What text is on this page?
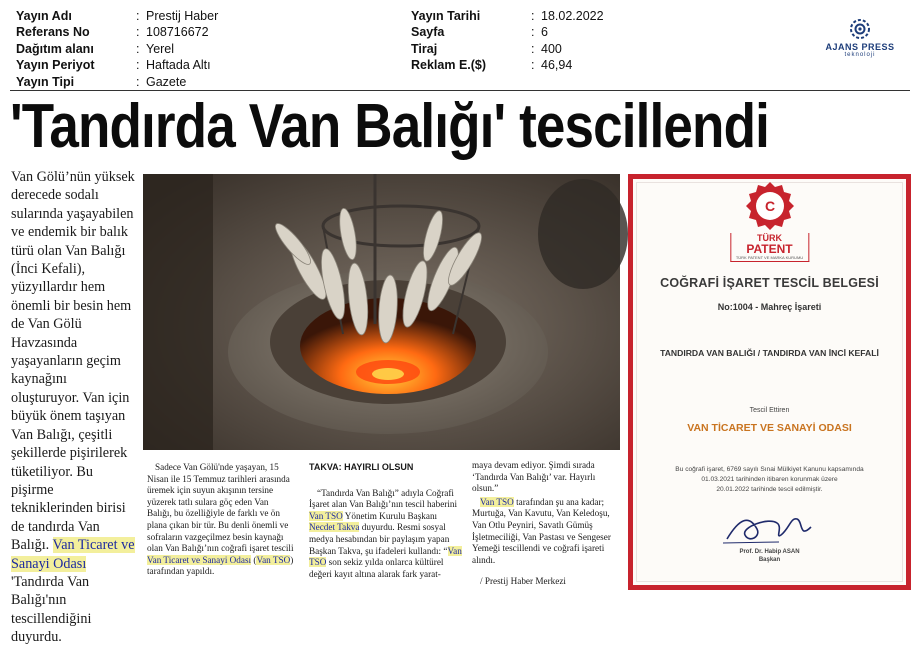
Yayın Adı	: Prestij Haber
Referans No	: 108716672
Dağıtım alanı	: Yerel
Yayın Periyot	: Haftada Altı
Yayın Tipi	: Gazete
Yayın Tarihi	: 18.02.2022
Sayfa	: 6
Tiraj	: 400
Reklam E.($)	: 46,94
AJANS PRESS
teknoloji
'Tandırda Van Balığı' tescillendi
Van Gölü’nün yüksek derecede sodalı sularında yaşayabilen ve endemik bir balık türü olan Van Balığı (İnci Kefali), yüzyıllardır hem önemli bir besin hem de Van Gölü Havzasında yaşayanların geçim kaynağını oluşturuyor. Van için büyük önem taşıyan Van Balığı, çeşitli şekillerde pişirilerek tüketiliyor. Bu pişirme tekniklerinden birisi de tandırda Van Balığı. Van Ticaret ve Sanayi Odası 'Tandırda Van Balığı'nın tescillendiğini duyurdu.
C
TÜRK
PATENT
TÜRK PATENT VE MARKA KURUMU
COĞRAFİ İŞARET TESCİL BELGESİ
No:1004 - Mahreç İşareti
TANDIRDA VAN BALIĞI / TANDIRDA VAN İNCİ KEFALİ
Tescil Ettiren
VAN TİCARET VE SANAYİ ODASI
Bu coğrafi işaret, 6769 sayılı Sınai Mülkiyet Kanunu kapsamında
01.03.2021 tarihinden itibaren korunmak üzere
20.01.2022 tarihinde tescil edilmiştir.
Prof. Dr. Habip ASAN
Başkan
Sadece Van Gölü'nde yaşayan, 15 Nisan ile 15 Temmuz tarihleri arasında üremek için suyun akışının tersine yüzerek tatlı sulara göç eden Van Balığı, bu özelliğiyle de farklı ve ön plana çıkan bir tür. Bu denli önemli ve sofraların vazgeçilmez besin kaynağı olan Van Balığı’nın coğrafi işaret tescili Van Ticaret ve Sanayi Odası (Van TSO) tarafından yapıldı.
TAKVA: HAYIRLI OLSUN
“Tandırda Van Balığı” adıyla Coğrafi İşaret alan Van Balığı’nın tescil haberini Van TSO Yönetim Kurulu Başkanı Necdet Takva duyurdu. Resmi sosyal medya hesabından bir paylaşım yapan Başkan Takva, şu ifadeleri kullandı: “Van TSO son sekiz yılda onlarca kültürel değeri kayıt altına alarak fark yarat-
maya devam ediyor. Şimdi sırada ‘Tandırda Van Balığı’ var. Hayırlı olsun.”
Van TSO tarafından şu ana kadar; Murtuğa, Van Kavutu, Van Keledoşu, Van Otlu Peyniri, Savatlı Gümüş İşletmeciliği, Van Pastası ve Sengeser Yemeği tescillendi ve coğrafi işareti alındı.
/ Prestij Haber Merkezi
